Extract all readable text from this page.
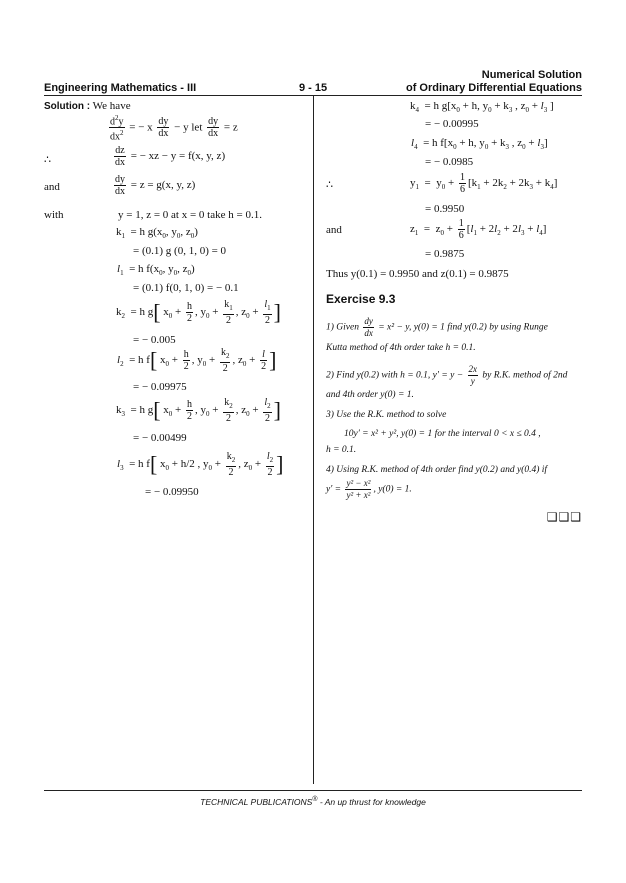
Numerical Solution
Engineering Mathematics - III	9 - 15	of Ordinary Differential Equations
Solution : We have
$\frac{d^2y}{dx^2}$ = − x $\frac{dy}{dx} - y$ let $\frac{dy}{dx} = z$
∴	$\frac{dz}{dx}$ = − xz − y = f(x, y, z)
and	$\frac{dy}{dx} = z = g(x$, y, z)
with	y = 1, z = 0 at x = 0 take h = 0.1.
$k_1 = h$ $g(x_0$, $y_0$, $z_0$)
= (0.1) g (0, 1, 0) = 0
$l_1 = h$ $f(x_0$, $y_0$, $z_0$)
= (0.1) f(0, 1, 0) = − 0.1
$k_2 = h$ g[ $x_0 + \frac{h}{2}$ , $y_0 + \frac{k_1}{2}$ , $z_0 + \frac{l_1}{2}$ ]
= − 0.005
$l_2 = h$ f[ $x_0 + \frac{h}{2}$ , $y_0 + \frac{k_2}{2}$ , $z_0 + \frac{l}{2}$ ]
= − 0.09975
$k_3 = h$ g[ $x_0 + \frac{h}{2}$ , $y_0 + \frac{k_2}{2}$ , $z_0 + \frac{l_2}{2}$ ]
= − 0.00499
$l_3 = h$ f[ $x_0 + h/2$ , $y_0 + \frac{k_2}{2}$ , $z_0 + \frac{l_2}{2}$ ]
= − 0.09950
$k_4 = h$ $g[x_0 + h$, $y_0 + k_3$ , $z_0 + l_3$ ]
= − 0.00995
$l_4 = h$ $f[x_0 + h$, $y_0 + k_3$ , $z_0 + l_3$]
= − 0.0985
∴	$y_1 = y_0 + \frac{1}{6} [k_1 + 2k_2 + 2k_3 + k_4]$
= 0.9950
and	$z_1 = z_0 + \frac{1}{6} [l_1 + 2l_2 + 2l_3 + l_4]$
= 0.9875
Thus y(0.1) = 0.9950 and z(0.1) = 0.9875
Exercise 9.3
1) Given $\frac{dy}{dx} = x^2 - y$, y(0) = 1 find y(0.2) by using Runge
Kutta method of 4th order take h = 0.1.
2) Find y(0.2) with h = 0.1, $y' = y - \frac{2x}{y}$ by R.K. method of 2nd
and 4th order y(0) = 1.
3) Use the R.K. method to solve
10y′ = x² + y², y(0) = 1 for the interval 0 < x ≤ 0.4 ,
h = 0.1.
4) Using R.K. method of 4th order find y(0.2) and y(0.4) if
$y' = \frac{\text{y² − x²}}{\text{y² + x²}}$ , y(0) = 1.
❑❑❑
TECHNICAL PUBLICATIONS® - An up thrust for knowledge
